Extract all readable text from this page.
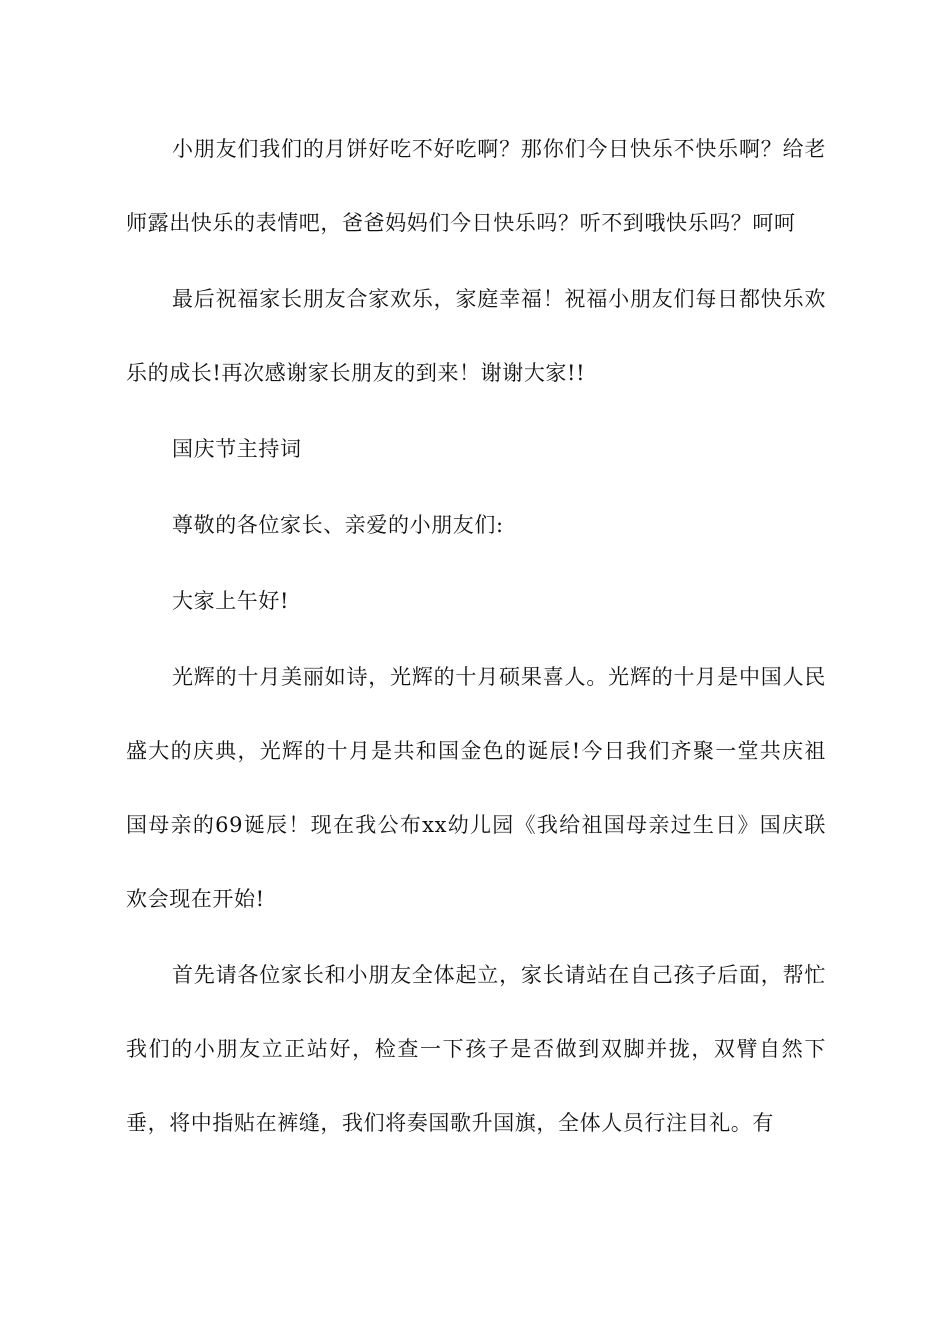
小朋友们我们的月饼好吃不好吃啊？那你们今日快乐不快乐啊？给老师露出快乐的表情吧，爸爸妈妈们今日快乐吗？听不到哦快乐吗？呵呵

最后祝福家长朋友合家欢乐，家庭幸福！祝福小朋友们每日都快乐欢乐的成长!再次感谢家长朋友的到来！谢谢大家!!

国庆节主持词

尊敬的各位家长、亲爱的小朋友们:

大家上午好!

光辉的十月美丽如诗，光辉的十月硕果喜人。光辉的十月是中国人民盛大的庆典，光辉的十月是共和国金色的诞辰!今日我们齐聚一堂共庆祖国母亲的69诞辰！现在我公布xx幼儿园《我给祖国母亲过生日》国庆联欢会现在开始!

首先请各位家长和小朋友全体起立，家长请站在自己孩子后面，帮忙我们的小朋友立正站好，检查一下孩子是否做到双脚并拢，双臂自然下垂，将中指贴在裤缝，我们将奏国歌升国旗，全体人员行注目礼。有
